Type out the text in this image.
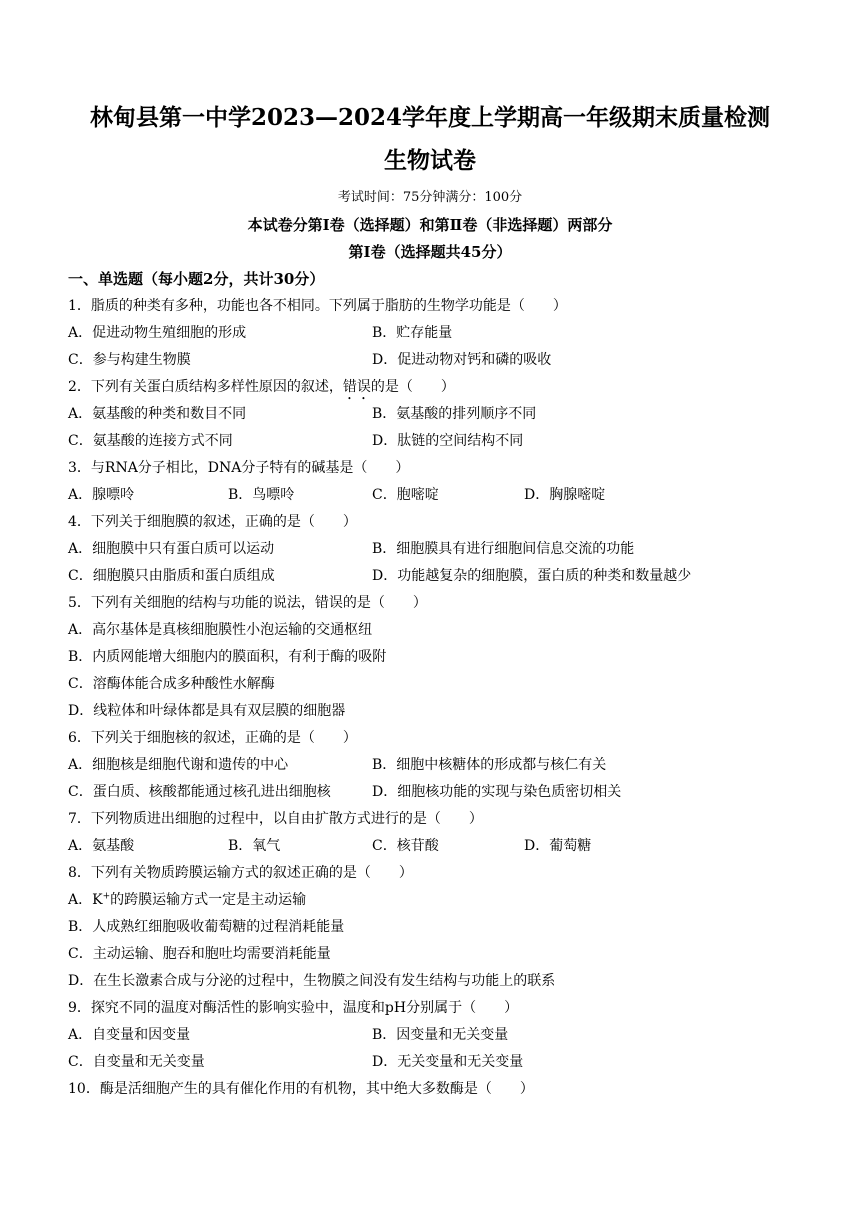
林甸县第一中学2023—2024学年度上学期高一年级期末质量检测
生物试卷
考试时间：75分钟满分：100分
本试卷分第Ⅰ卷（选择题）和第Ⅱ卷（非选择题）两部分
第Ⅰ卷（选择题共45分）
一、单选题（每小题2分，共计30分）
1．脂质的种类有多种，功能也各不相同。下列属于脂肪的生物学功能是（　　）
A．促进动物生殖细胞的形成	B．贮存能量
C．参与构建生物膜	D．促进动物对钙和磷的吸收
2．下列有关蛋白质结构多样性原因的叙述，错误的是（　　）
A．氨基酸的种类和数目不同	B．氨基酸的排列顺序不同
C．氨基酸的连接方式不同	D．肽链的空间结构不同
3．与RNA分子相比，DNA分子特有的碱基是（　　）
A．腺嘌呤	B．鸟嘌呤	C．胞嘧啶	D．胸腺嘧啶
4．下列关于细胞膜的叙述，正确的是（　　）
A．细胞膜中只有蛋白质可以运动	B．细胞膜具有进行细胞间信息交流的功能
C．细胞膜只由脂质和蛋白质组成	D．功能越复杂的细胞膜，蛋白质的种类和数量越少
5．下列有关细胞的结构与功能的说法，错误的是（　　）
A．高尔基体是真核细胞膜性小泡运输的交通枢纽
B．内质网能增大细胞内的膜面积，有利于酶的吸附
C．溶酶体能合成多种酸性水解酶
D．线粒体和叶绿体都是具有双层膜的细胞器
6．下列关于细胞核的叙述，正确的是（　　）
A．细胞核是细胞代谢和遗传的中心	B．细胞中核糖体的形成都与核仁有关
C．蛋白质、核酸都能通过核孔进出细胞核	D．细胞核功能的实现与染色质密切相关
7．下列物质进出细胞的过程中，以自由扩散方式进行的是（　　）
A．氨基酸	B．氧气	C．核苷酸	D．葡萄糖
8．下列有关物质跨膜运输方式的叙述正确的是（　　）
A．K+的跨膜运输方式一定是主动运输
B．人成熟红细胞吸收葡萄糖的过程消耗能量
C．主动运输、胞吞和胞吐均需要消耗能量
D．在生长激素合成与分泌的过程中，生物膜之间没有发生结构与功能上的联系
9．探究不同的温度对酶活性的影响实验中，温度和pH分别属于（　　）
A．自变量和因变量	B．因变量和无关变量
C．自变量和无关变量	D．无关变量和无关变量
10．酶是活细胞产生的具有催化作用的有机物，其中绝大多数酶是（　　）
